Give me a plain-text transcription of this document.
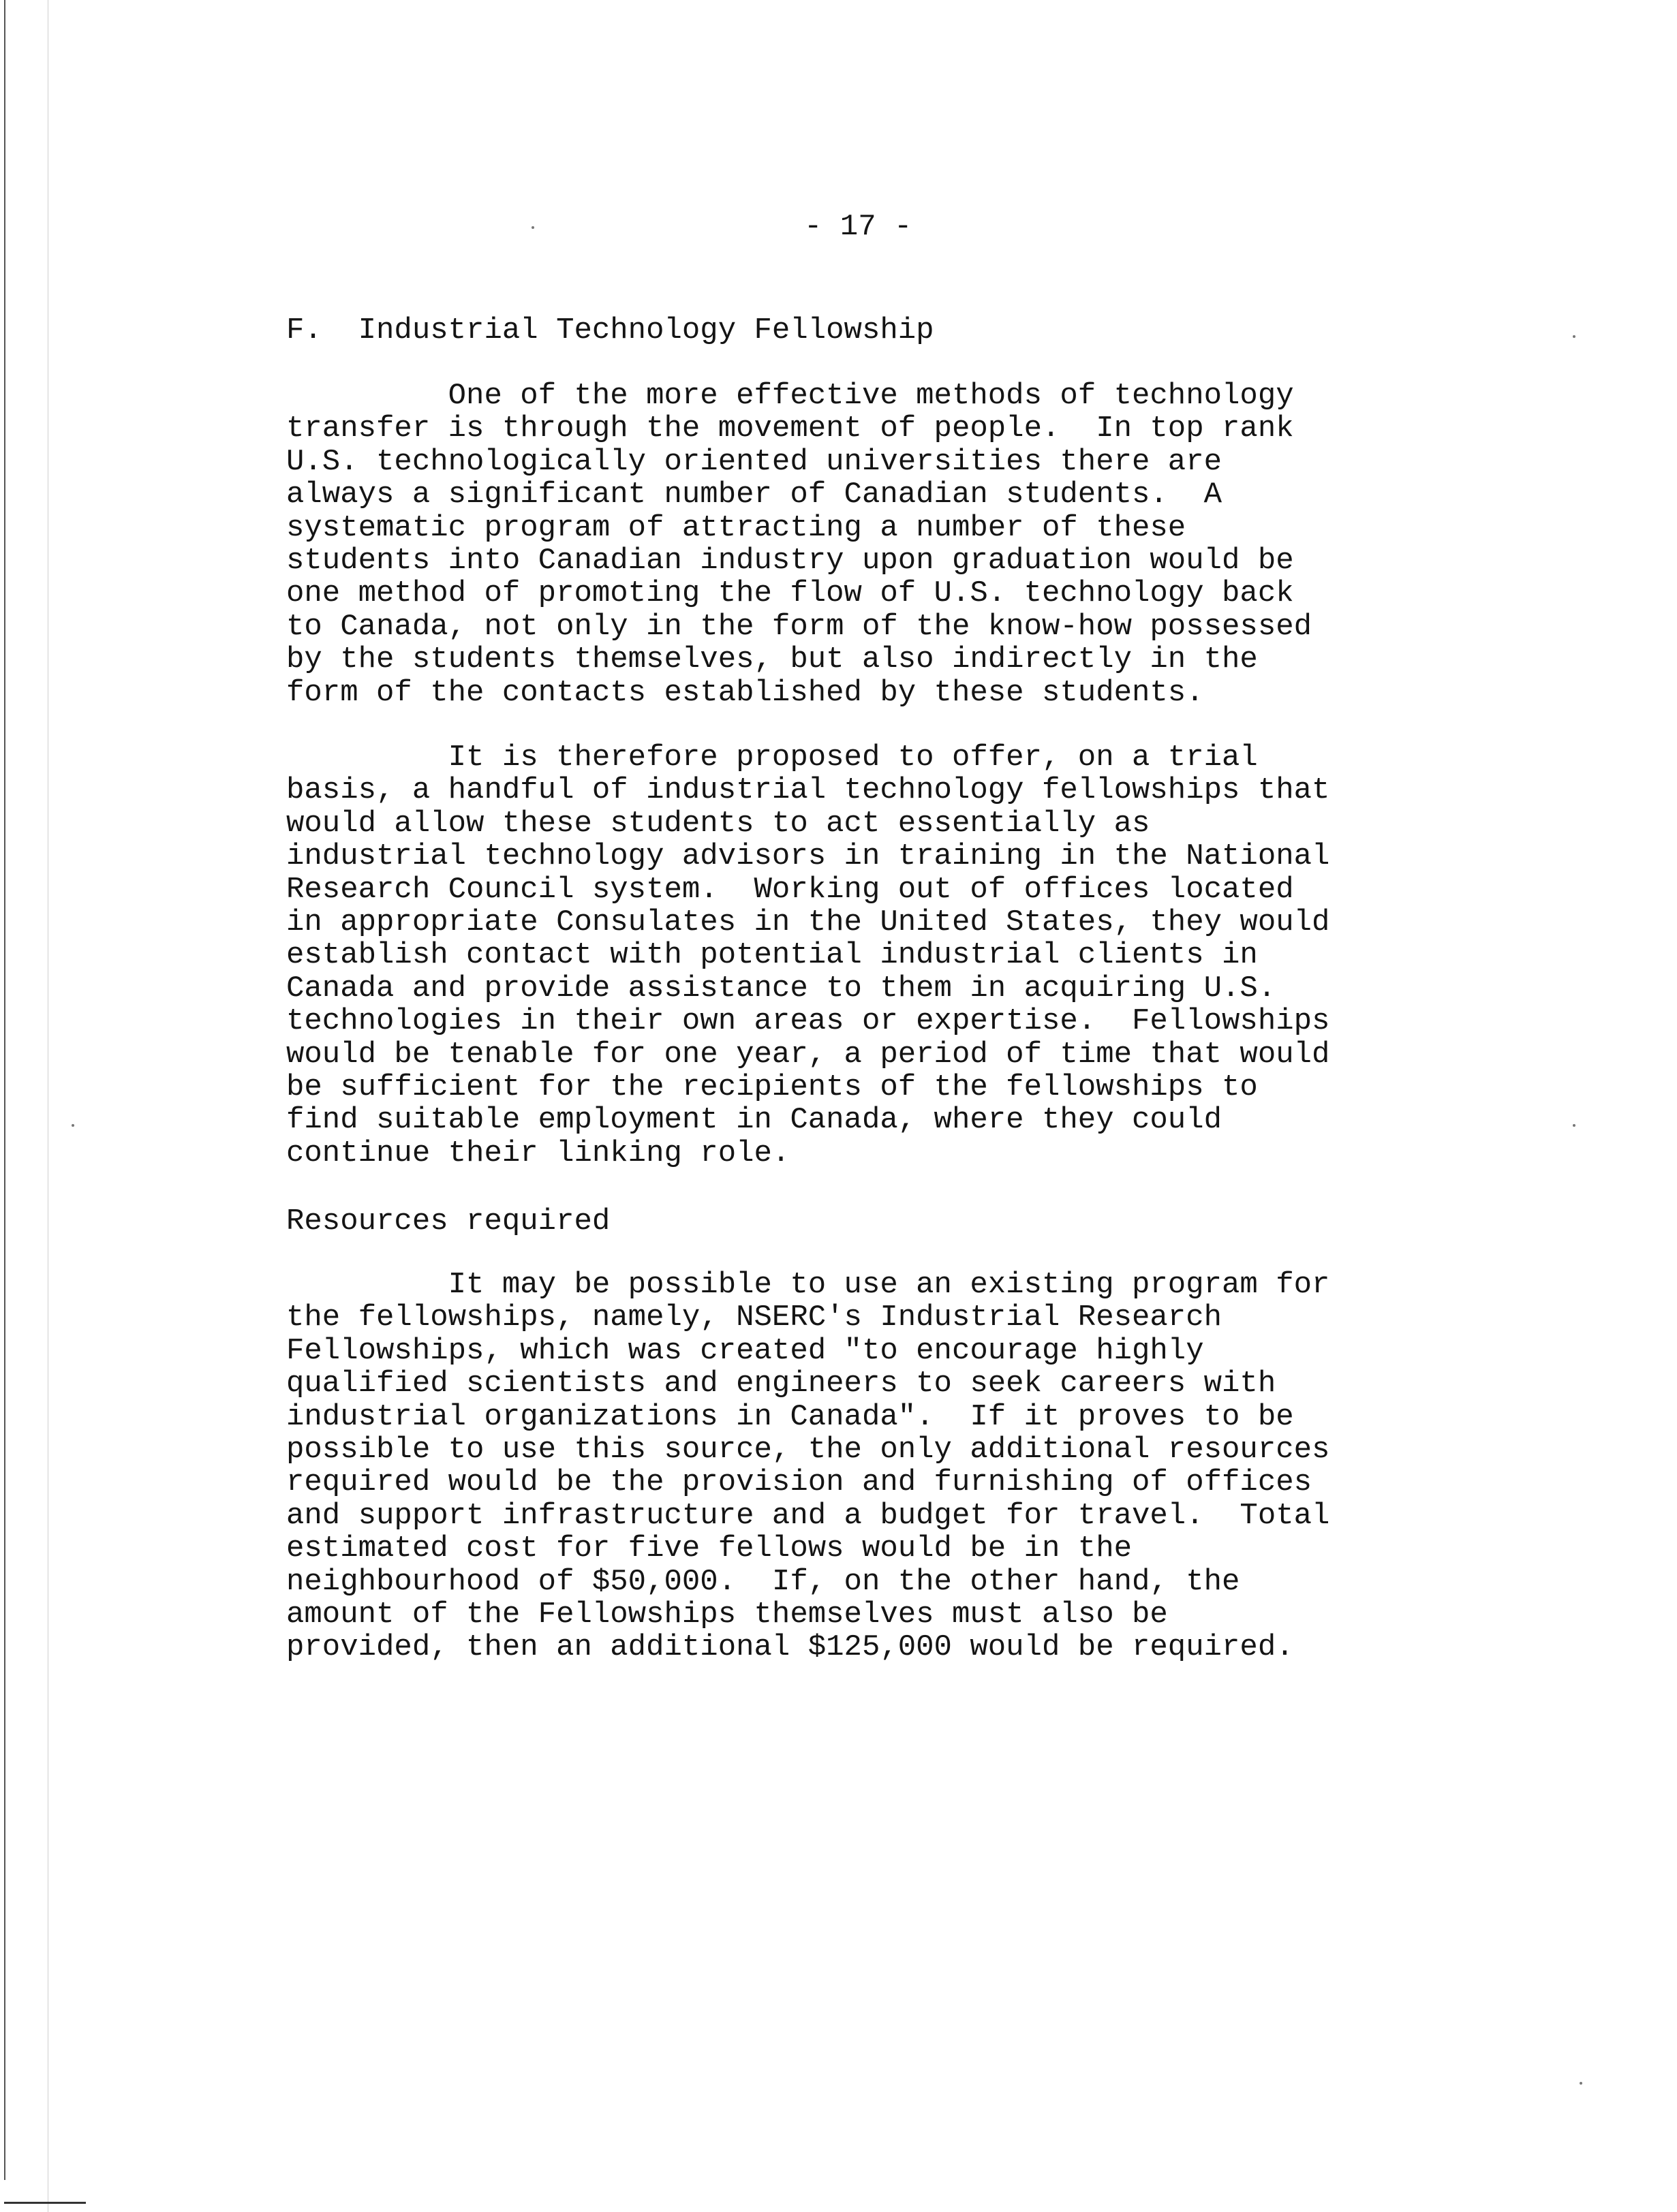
- 17 -
F.  Industrial Technology Fellowship

One of the more effective methods of technology
transfer is through the movement of people.  In top rank
U.S. technologically oriented universities there are
always a significant number of Canadian students.  A
systematic program of attracting a number of these
students into Canadian industry upon graduation would be
one method of promoting the flow of U.S. technology back
to Canada, not only in the form of the know-how possessed
by the students themselves, but also indirectly in the
form of the contacts established by these students.

It is therefore proposed to offer, on a trial
basis, a handful of industrial technology fellowships that
would allow these students to act essentially as
industrial technology advisors in training in the National
Research Council system.  Working out of offices located
in appropriate Consulates in the United States, they would
establish contact with potential industrial clients in
Canada and provide assistance to them in acquiring U.S.
technologies in their own areas or expertise.  Fellowships
would be tenable for one year, a period of time that would
be sufficient for the recipients of the fellowships to
find suitable employment in Canada, where they could
continue their linking role.

Resources required

It may be possible to use an existing program for
the fellowships, namely, NSERC's Industrial Research
Fellowships, which was created "to encourage highly
qualified scientists and engineers to seek careers with
industrial organizations in Canada".  If it proves to be
possible to use this source, the only additional resources
required would be the provision and furnishing of offices
and support infrastructure and a budget for travel.  Total
estimated cost for five fellows would be in the
neighbourhood of $50,000.  If, on the other hand, the
amount of the Fellowships themselves must also be
provided, then an additional $125,000 would be required.
